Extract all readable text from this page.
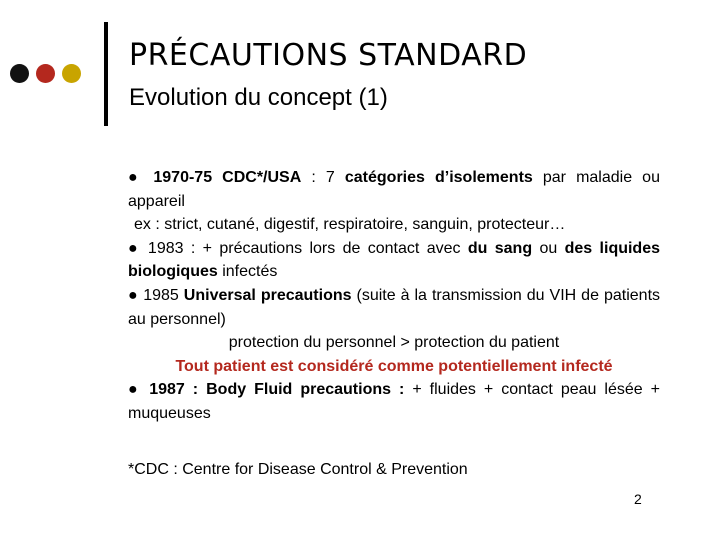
PRÉCAUTIONS STANDARD
Evolution du concept (1)

● 1970-75 CDC*/USA : 7 catégories d’isolements par maladie ou appareil

ex : strict, cutané, digestif, respiratoire, sanguin, protecteur…

● 1983 : + précautions lors de contact avec du sang ou des liquides biologiques infectés

● 1985 Universal precautions (suite à la transmission du VIH de patients au personnel)

protection du personnel > protection du patient

Tout patient est considéré comme potentiellement infecté

● 1987 : Body Fluid precautions : + fluides + contact peau lésée + muqueuses

*CDC : Centre for Disease Control & Prevention
2
